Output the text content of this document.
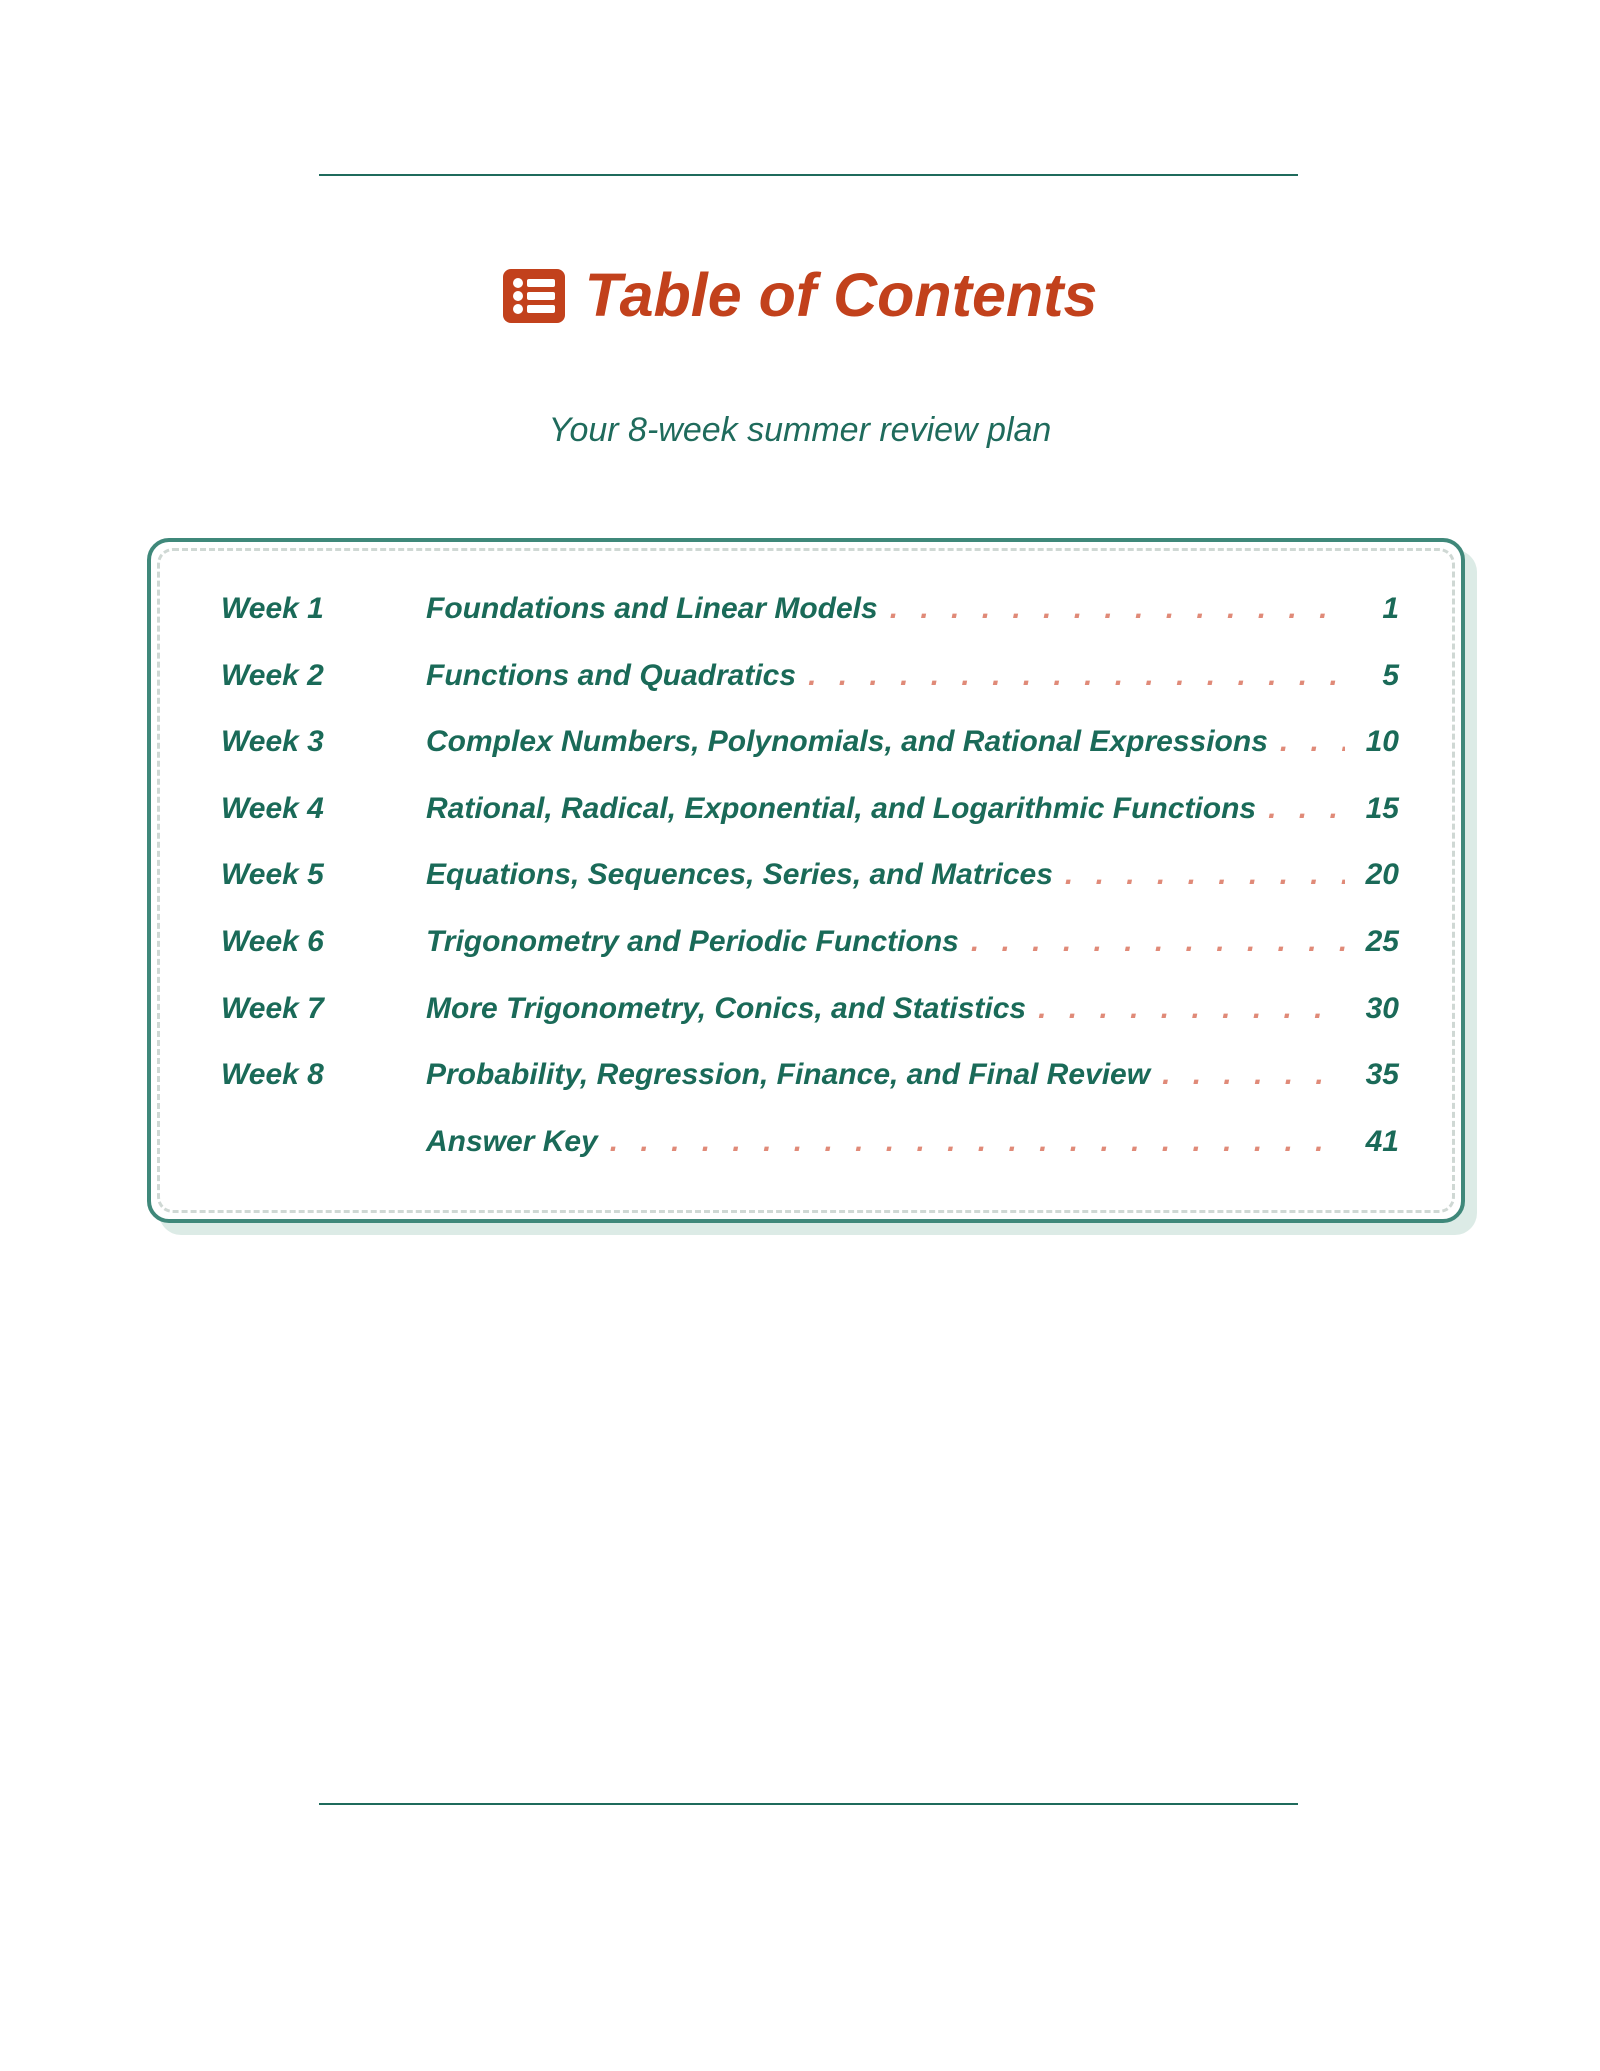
Table of Contents
Your 8-week summer review plan
Week 1	Foundations and Linear Models . . .	1
Week 2	Functions and Quadratics . . .	5
Week 3	Complex Numbers, Polynomials, and Rational Expressions . . .	10
Week 4	Rational, Radical, Exponential, and Logarithmic Functions . . .	15
Week 5	Equations, Sequences, Series, and Matrices . . .	20
Week 6	Trigonometry and Periodic Functions . . .	25
Week 7	More Trigonometry, Conics, and Statistics . . .	30
Week 8	Probability, Regression, Finance, and Final Review . . .	35
Answer Key . . .	41
